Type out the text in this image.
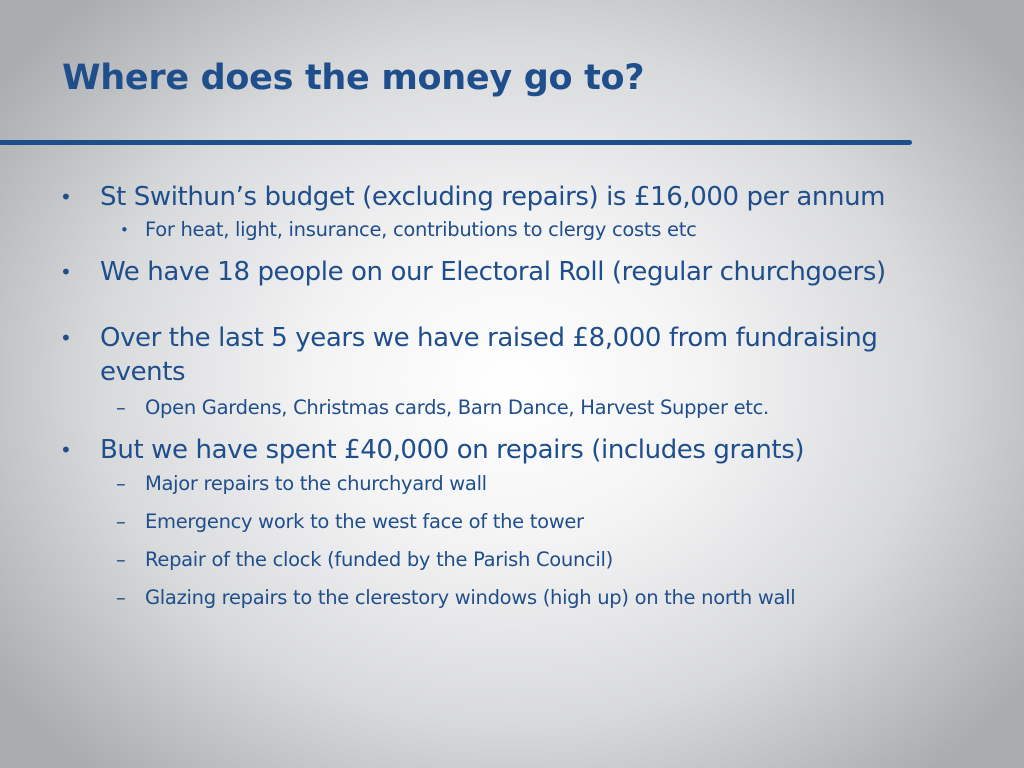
Where does the money go to?
• St Swithun’s budget (excluding repairs) is £16,000 per annum
• For heat, light, insurance, contributions to clergy costs etc
• We have 18 people on our Electoral Roll (regular churchgoers)
• Over the last 5 years we have raised £8,000 from fundraising events
– Open Gardens, Christmas cards, Barn Dance, Harvest Supper etc.
• But we have spent £40,000 on repairs (includes grants)
– Major repairs to the churchyard wall
– Emergency work to the west face of the tower
– Repair of the clock (funded by the Parish Council)
– Glazing repairs to the clerestory windows (high up) on the north wall
